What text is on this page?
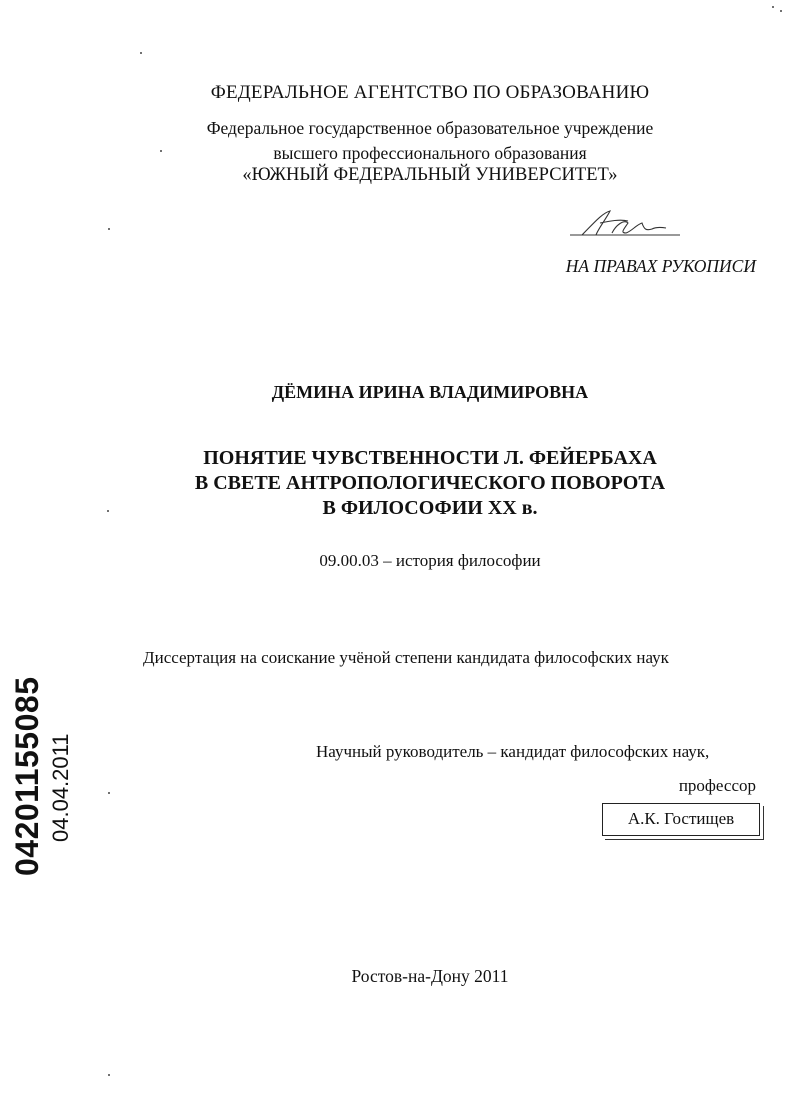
ФЕДЕРАЛЬНОЕ АГЕНТСТВО ПО ОБРАЗОВАНИЮ
Федеральное государственное образовательное учреждение
высшего профессионального образования
«ЮЖНЫЙ ФЕДЕРАЛЬНЫЙ УНИВЕРСИТЕТ»
НА ПРАВАХ РУКОПИСИ
ДЁМИНА ИРИНА ВЛАДИМИРОВНА
ПОНЯТИЕ ЧУВСТВЕННОСТИ Л. ФЕЙЕРБАХА
В СВЕТЕ АНТРОПОЛОГИЧЕСКОГО ПОВОРОТА
В ФИЛОСОФИИ ХХ в.
09.00.03 – история философии
Диссертация на соискание учёной степени кандидата философских наук
Научный руководитель – кандидат философских наук,
профессор
А.К. Гостищев
Ростов-на-Дону 2011
04201155085 04.04.2011
